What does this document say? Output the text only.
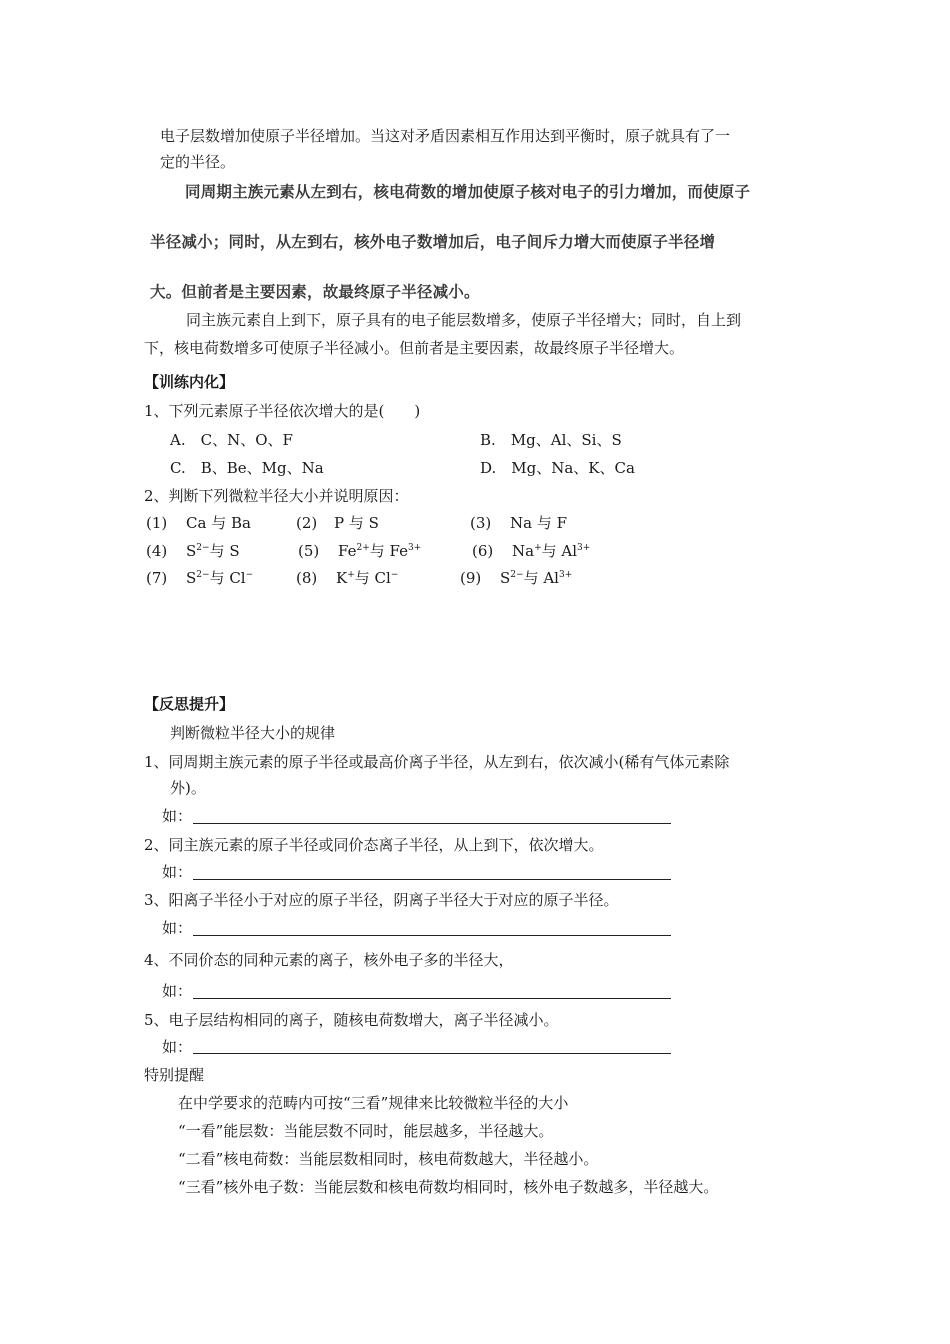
电子层数增加使原子半径增加。当这对矛盾因素相互作用达到平衡时，原子就具有了一
定的半径。
同周期主族元素从左到右，核电荷数的增加使原子核对电子的引力增加，而使原子
半径减小；同时，从左到右，核外电子数增加后，电子间斥力增大而使原子半径增
大。但前者是主要因素，故最终原子半径减小。
同主族元素自上到下，原子具有的电子能层数增多，使原子半径增大；同时，自上到
下，核电荷数增多可使原子半径减小。但前者是主要因素，故最终原子半径增大。
【训练内化】
1、下列元素原子半径依次增大的是(　　)
A.　C、N、O、F	B.　Mg、Al、Si、S
C.　B、Be、Mg、Na	D.　Mg、Na、K、Ca
2、判断下列微粒半径大小并说明原因：
(1) Ca 与 Ba	(2) P 与 S	(3) Na 与 F
(4) $S^{2-}$与 S	(5) $Fe^{2+}$与 $Fe^{3+}$	(6) Na+与 $Al^{3+}$
(7) $S^{2-}$与 Cl−	(8) K+与 Cl−	(9) $S^{2-}$与 $Al^{3+}$
【反思提升】
判断微粒半径大小的规律
1、同周期主族元素的原子半径或最高价离子半径，从左到右，依次减小(稀有气体元素除
外)。
如：
2、同主族元素的原子半径或同价态离子半径，从上到下，依次增大。
如：
3、阳离子半径小于对应的原子半径，阴离子半径大于对应的原子半径。
如：
4、不同价态的同种元素的离子，核外电子多的半径大，
如：
5、电子层结构相同的离子，随核电荷数增大，离子半径减小。
如：
特别提醒
在中学要求的范畴内可按“三看”规律来比较微粒半径的大小
“一看”能层数：当能层数不同时，能层越多，半径越大。
“二看”核电荷数：当能层数相同时，核电荷数越大，半径越小。
“三看”核外电子数：当能层数和核电荷数均相同时，核外电子数越多，半径越大。
